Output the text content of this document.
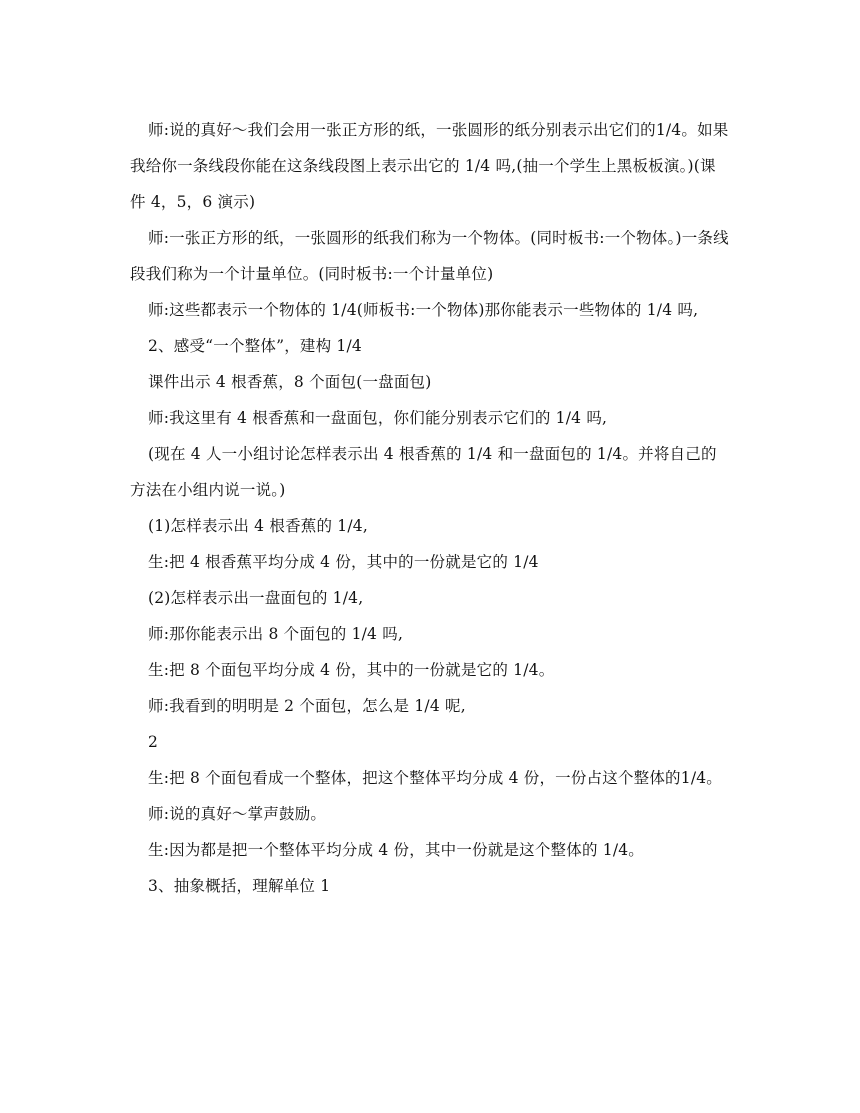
师:说的真好～我们会用一张正方形的纸，一张圆形的纸分别表示出它们的1/4。如果我给你一条线段你能在这条线段图上表示出它的 1/4 吗,(抽一个学生上黑板板演。)(课件 4，5，6 演示)

师:一张正方形的纸，一张圆形的纸我们称为一个物体。(同时板书:一个物体。)一条线段我们称为一个计量单位。(同时板书:一个计量单位)

师:这些都表示一个物体的 1/4(师板书:一个物体)那你能表示一些物体的 1/4 吗,

2、感受“一个整体”，建构 1/4

课件出示 4 根香蕉，8 个面包(一盘面包)

师:我这里有 4 根香蕉和一盘面包，你们能分别表示它们的 1/4 吗,

(现在 4 人一小组讨论怎样表示出 4 根香蕉的 1/4 和一盘面包的 1/4。并将自己的方法在小组内说一说。)

(1)怎样表示出 4 根香蕉的 1/4,

生:把 4 根香蕉平均分成 4 份，其中的一份就是它的 1/4

(2)怎样表示出一盘面包的 1/4,

师:那你能表示出 8 个面包的 1/4 吗,

生:把 8 个面包平均分成 4 份，其中的一份就是它的 1/4。

师:我看到的明明是 2 个面包，怎么是 1/4 呢,

2

生:把 8 个面包看成一个整体，把这个整体平均分成 4 份，一份占这个整体的1/4。

师:说的真好～掌声鼓励。

生:因为都是把一个整体平均分成 4 份，其中一份就是这个整体的 1/4。

3、抽象概括，理解单位 1
